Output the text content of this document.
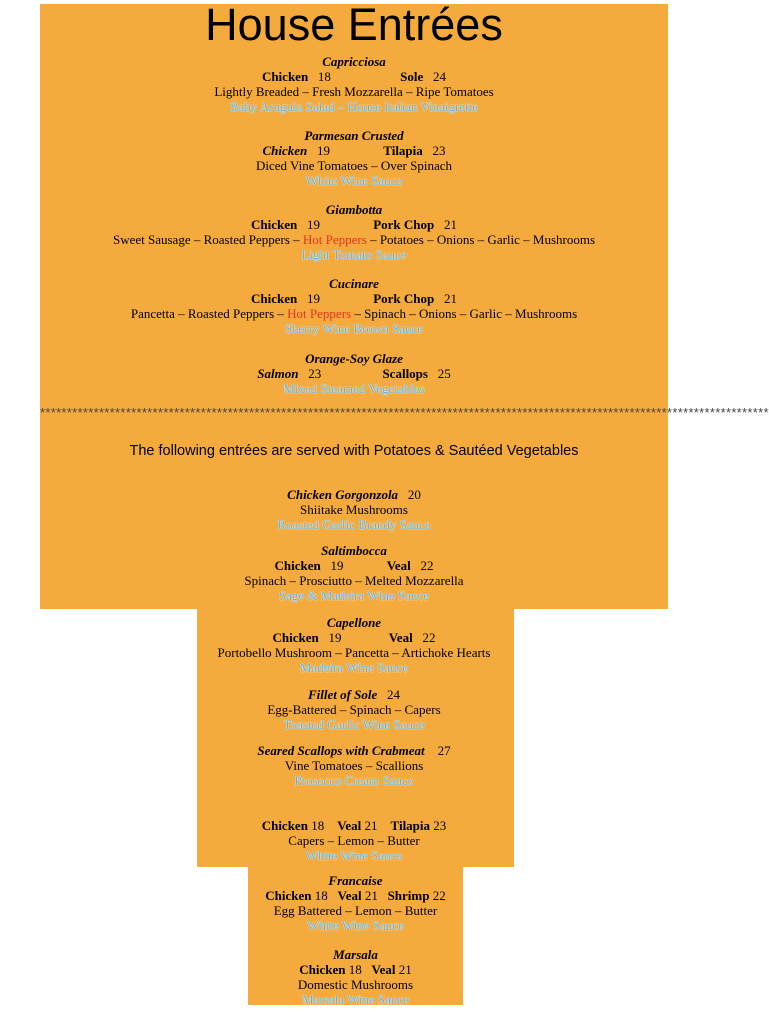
House Entrées
Capricciosa
Chicken 18	Sole 24
Lightly Breaded – Fresh Mozzarella – Ripe Tomatoes
Baby Arugula Salad – House Italian Vinaigrette
Parmesan Crusted
Chicken 19	Tilapia 23
Diced Vine Tomatoes – Over Spinach
White Wine Sauce
Giambotta
Chicken 19	Pork Chop 21
Sweet Sausage – Roasted Peppers – Hot Peppers – Potatoes – Onions – Garlic – Mushrooms
Light Tomato Sauce
Cucinare
Chicken 19	Pork Chop 21
Pancetta – Roasted Peppers – Hot Peppers – Spinach – Onions – Garlic – Mushrooms
Sherry Wine Brown Sauce
Orange-Soy Glaze
Salmon 23	Scallops 25
Mixed Steamed Vegetables
****************************************************************************************************************************************
The following entrées are served with Potatoes & Sautéed Vegetables
Chicken Gorgonzola 20
Shiitake Mushrooms
Roasted Garlic Brandy Sauce
Saltimbocca
Chicken 19	Veal 22
Spinach – Prosciutto – Melted Mozzarella
Sage & Madeira Wine Sauce
Capellone
Chicken 19	Veal 22
Portobello Mushroom – Pancetta – Artichoke Hearts
Madeira Wine Sauce
Fillet of Sole 24
Egg-Battered – Spinach – Capers
Toasted Garlic Wine Sauce
Seared Scallops with Crabmeat 27
Vine Tomatoes – Scallions
Prosecco Cream Sauce
Chicken 18 Veal 21 Tilapia 23
Capers – Lemon – Butter
White Wine Sauce
Francaise
Chicken 18 Veal 21 Shrimp 22
Egg Battered – Lemon – Butter
White Wine Sauce
Marsala
Chicken 18 Veal 21
Domestic Mushrooms
Marsala Wine Sauce
